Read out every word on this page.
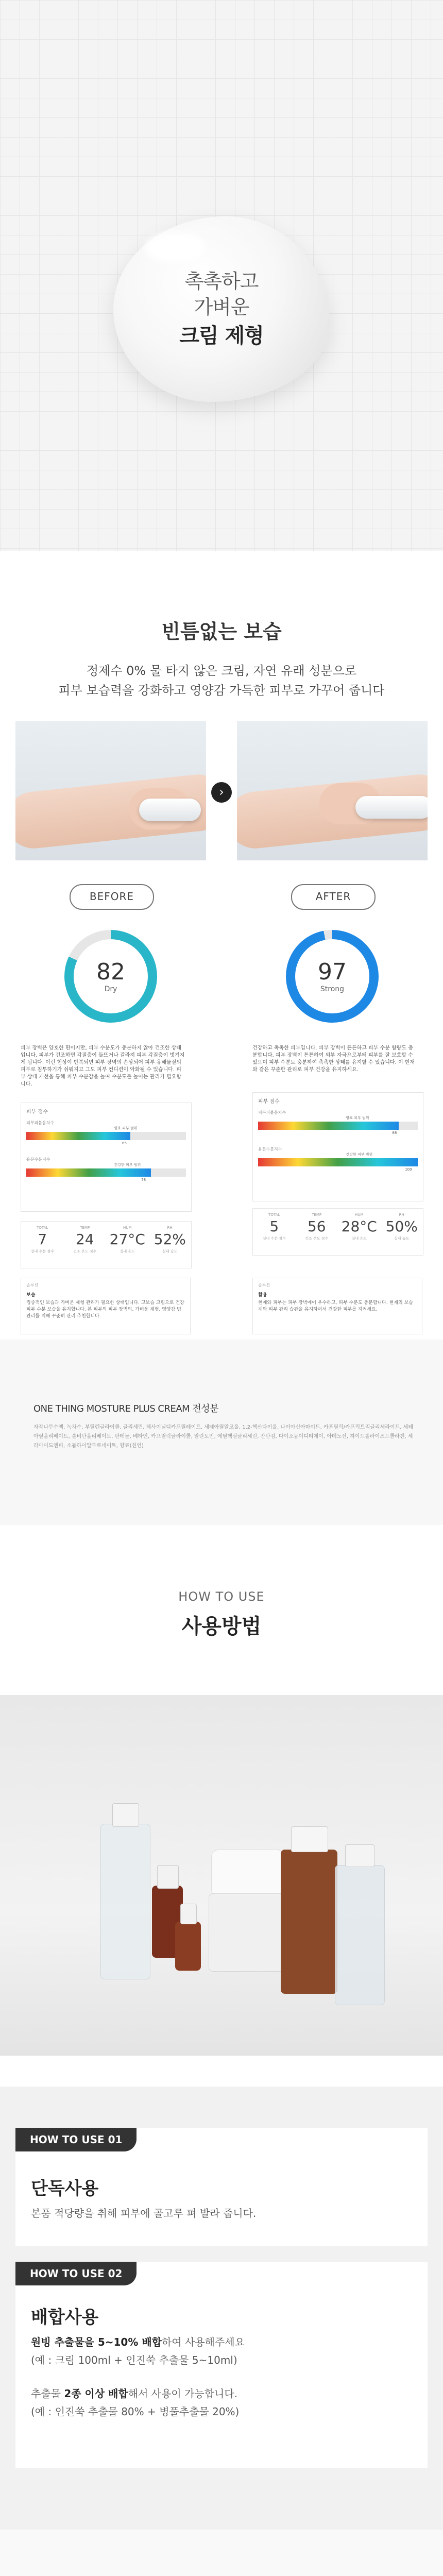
촉촉하고
가벼운
크림 제형
빈틈없는 보습
정제수 0% 물 타지 않은 크림, 자연 유래 성분으로
피부 보습력을 강화하고 영양감 가득한 피부로 가꾸어 줍니다
›
BEFORE	AFTER
82
Dry
97
Strong
피부 장벽은 양호한 편이지만, 피부 수분도가 충분하지 않아 건조한 상태입니다. 피부가 건조하면 각질층이 들뜨거나 갈라져 피부 각질층이 벗겨지게 됩니다. 이런 현상이 반복되면 피부 장벽의 손상되어 피부 유해물질의 피부로 침투하기가 쉬워지고 그도 피부 컨디션이 악화될 수 있습니다. 피부 상태 개선을 통해 피부 수분감을 높여 수분도를 높이는 관리가 필요합니다.
건강하고 촉촉한 피부입니다. 피부 장벽이 튼튼하고 피부 수분 함량도 충분합니다. 피부 장벽이 튼튼하여 외부 자극으로부터 피부를 잘 보호할 수 있으며 피부 수분도 충분하여 촉촉한 상태를 유지할 수 있습니다. 이 현재와 같은 꾸준한 관리로 피부 건강을 유지하세요.
피부 점수
피부피붙음치수
양호 피부 범위
65
유분수분지수
건강한 피부 범위
78
피부 점수
피부피붙음치수
양호 피부 범위
88
유분수분지수
건강한 피부 범위
100
TOTAL
7
실내 수분 점수
TEMP
24
건조 온도 점수
HUM
27°C
실내 온도
RH
52%
실내 습도
TOTAL
5
실내 수분 점수
TEMP
56
건조 온도 점수
HUM
28°C
실내 온도
RH
50%
실내 습도
솔루션
보습
집중적인 보습과 가벼운 제형 관리가 필요한 상태입니다. 고보습 크림으로 건강 피부 수분 보습을 유지합니다. 본 피부의 피부 장벽의, 가벼운 제형, 영양감 범 관리를 위해 꾸준히 관리 추천합니다.
솔루션
활용
현재와 피부는 피부 장벽에이 우수하고, 피부 수분도 충분합니다. 현재의 보습제와 피부 관리 습관을 유지하여서 건강한 피부를 지켜세요.
ONE THING MOSTURE PLUS CREAM 전성분
자작나무수액, 녹차수, 부틸렌글라이콜, 글리세린, 헤사이닐디카프릴레이트, 세테아릴알코올, 1,2-헥산다이올, 나이아신아마이드, 카프릴릭/카프릭트리글리세라이드, 세테아릴올리베이트, 솔비탄올리베이트, 판테놀, 베타인, 카프릴릭글라이콜, 알란토인, 에틸헥실글리세린, 잔탄검, 다이소듐이디티에이, 아데노신, 하이드롤라이즈드콜라겐, 세라마이드엔피, 소듐하이알루로네이트, 향료(천연)
HOW TO USE
사용방법
HOW TO USE 01
단독사용
본품 적당량을 취해 피부에 골고루 펴 발라 줍니다.
HOW TO USE 02
배합사용
원빙 추출물을 5~10% 배합하여 사용해주세요
(예 : 크림 100ml + 인진쑥 추출물 5~10ml)
추출물 2종 이상 배합해서 사용이 가능합니다.
(예 : 인진쑥 추출물 80% + 병풀추출물 20%)
